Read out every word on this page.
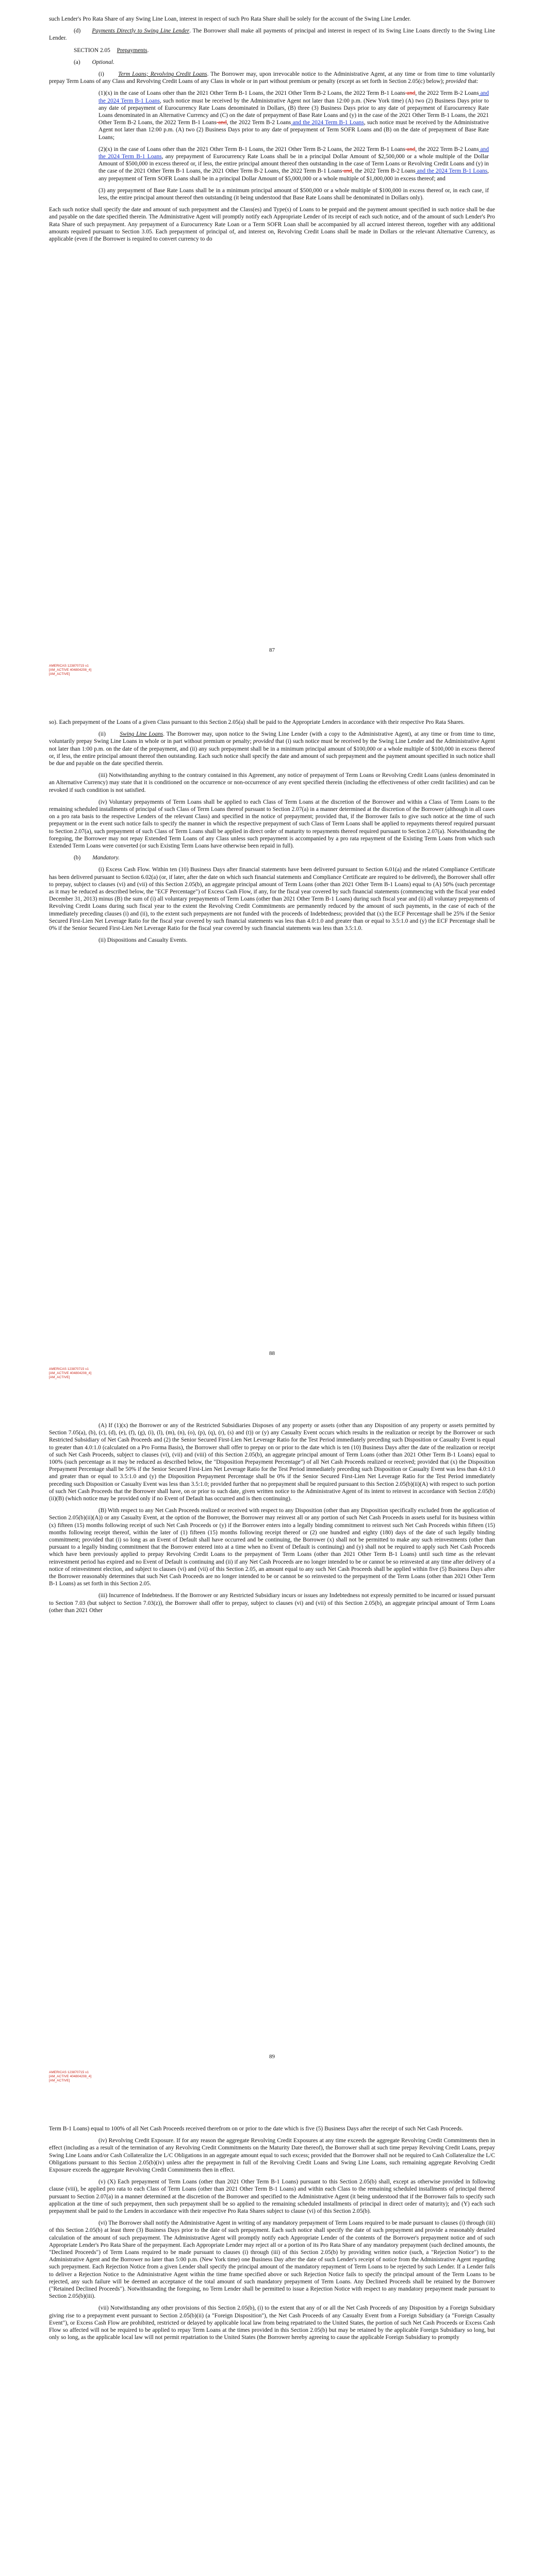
such Lender's Pro Rata Share of any Swing Line Loan, interest in respect of such Pro Rata Share shall be solely for the account of the Swing Line Lender.

(d) Payments Directly to Swing Line Lender. The Borrower shall make all payments of principal and interest in respect of its Swing Line Loans directly to the Swing Line Lender.

SECTION 2.05 Prepayments.

(a) Optional.

(i) Term Loans; Revolving Credit Loans. The Borrower may, upon irrevocable notice to the Administrative Agent, at any time or from time to time voluntarily prepay Term Loans of any Class and Revolving Credit Loans of any Class in whole or in part without premium or penalty (except as set forth in Section 2.05(c) below); provided that:

(1)(x) in the case of Loans other than the 2021 Other Term B-1 Loans, the 2021 Other Term B-2 Loans, the 2022 Term B-1 Loans and, the 2022 Term B-2 Loans and the 2024 Term B-1 Loans, such notice must be received by the Administrative Agent not later than 12:00 p.m. (New York time) (A) two (2) Business Days prior to any date of prepayment of Eurocurrency Rate Loans denominated in Dollars, (B) three (3) Business Days prior to any date of prepayment of Eurocurrency Rate Loans denominated in an Alternative Currency and (C) on the date of prepayment of Base Rate Loans and (y) in the case of the 2021 Other Term B-1 Loans, the 2021 Other Term B-2 Loans, the 2022 Term B-1 Loans and, the 2022 Term B-2 Loans and the 2024 Term B-1 Loans, such notice must be received by the Administrative Agent not later than 12:00 p.m. (A) two (2) Business Days prior to any date of prepayment of Term SOFR Loans and (B) on the date of prepayment of Base Rate Loans;

(2)(x) in the case of Loans other than the 2021 Other Term B-1 Loans, the 2021 Other Term B-2 Loans, the 2022 Term B-1 Loans and, the 2022 Term B-2 Loans and the 2024 Term B-1 Loans, any prepayment of Eurocurrency Rate Loans shall be in a principal Dollar Amount of $2,500,000 or a whole multiple of the Dollar Amount of $500,000 in excess thereof or, if less, the entire principal amount thereof then outstanding in the case of Term Loans or Revolving Credit Loans and (y) in the case of the 2021 Other Term B-1 Loans, the 2021 Other Term B-2 Loans, the 2022 Term B-1 Loans and, the 2022 Term B-2 Loans and the 2024 Term B-1 Loans, any prepayment of Term SOFR Loans shall be in a principal Dollar Amount of $5,000,000 or a whole multiple of $1,000,000 in excess thereof; and

(3) any prepayment of Base Rate Loans shall be in a minimum principal amount of $500,000 or a whole multiple of $100,000 in excess thereof or, in each case, if less, the entire principal amount thereof then outstanding (it being understood that Base Rate Loans shall be denominated in Dollars only).

Each such notice shall specify the date and amount of such prepayment and the Class(es) and Type(s) of Loans to be prepaid and the payment amount specified in such notice shall be due and payable on the date specified therein. The Administrative Agent will promptly notify each Appropriate Lender of its receipt of each such notice, and of the amount of such Lender's Pro Rata Share of such prepayment. Any prepayment of a Eurocurrency Rate Loan or a Term SOFR Loan shall be accompanied by all accrued interest thereon, together with any additional amounts required pursuant to Section 3.05. Each prepayment of principal of, and interest on, Revolving Credit Loans shall be made in Dollars or the relevant Alternative Currency, as applicable (even if the Borrower is required to convert currency to do

87
AMERICAS 123870715 v1
[AM_ACTIVE 404804208_4]
[AM_ACTIVE]

so). Each prepayment of the Loans of a given Class pursuant to this Section 2.05(a) shall be paid to the Appropriate Lenders in accordance with their respective Pro Rata Shares.

(ii) Swing Line Loans. The Borrower may, upon notice to the Swing Line Lender (with a copy to the Administrative Agent), at any time or from time to time, voluntarily prepay Swing Line Loans in whole or in part without premium or penalty; provided that (i) such notice must be received by the Swing Line Lender and the Administrative Agent not later than 1:00 p.m. on the date of the prepayment, and (ii) any such prepayment shall be in a minimum principal amount of $100,000 or a whole multiple of $100,000 in excess thereof or, if less, the entire principal amount thereof then outstanding. Each such notice shall specify the date and amount of such prepayment and the payment amount specified in such notice shall be due and payable on the date specified therein.

(iii) Notwithstanding anything to the contrary contained in this Agreement, any notice of prepayment of Term Loans or Revolving Credit Loans (unless denominated in an Alternative Currency) may state that it is conditioned on the occurrence or non-occurrence of any event specified therein (including the effectiveness of other credit facilities) and can be revoked if such condition is not satisfied.

(iv) Voluntary prepayments of Term Loans shall be applied to each Class of Term Loans at the discretion of the Borrower and within a Class of Term Loans to the remaining scheduled installments of principal of such Class of Term Loans thereof pursuant to Section 2.07(a) in a manner determined at the discretion of the Borrower (although in all cases on a pro rata basis to the respective Lenders of the relevant Class) and specified in the notice of prepayment; provided that, if the Borrower fails to give such notice at the time of such prepayment or in the event such notice fails to specify the manner in which the respective prepayment of such Class of Term Loans shall be applied to repayments thereof required pursuant to Section 2.07(a), such prepayment of such Class of Term Loans shall be applied in direct order of maturity to repayments thereof required pursuant to Section 2.07(a). Notwithstanding the foregoing, the Borrower may not repay Extended Term Loans of any Class unless such prepayment is accompanied by a pro rata repayment of the Existing Term Loans from which such Extended Term Loans were converted (or such Existing Term Loans have otherwise been repaid in full).

(b) Mandatory.

(i) Excess Cash Flow. Within ten (10) Business Days after financial statements have been delivered pursuant to Section 6.01(a) and the related Compliance Certificate has been delivered pursuant to Section 6.02(a) (or, if later, after the date on which such financial statements and Compliance Certificate are required to be delivered), the Borrower shall offer to prepay, subject to clauses (vi) and (vii) of this Section 2.05(b), an aggregate principal amount of Term Loans (other than 2021 Other Term B-1 Loans) equal to (A) 50% (such percentage as it may be reduced as described below, the "ECF Percentage") of Excess Cash Flow, if any, for the fiscal year covered by such financial statements (commencing with the fiscal year ended December 31, 2013) minus (B) the sum of (i) all voluntary prepayments of Term Loans (other than 2021 Other Term B-1 Loans) during such fiscal year and (ii) all voluntary prepayments of Revolving Credit Loans during such fiscal year to the extent the Revolving Credit Commitments are permanently reduced by the amount of such payments, in the case of each of the immediately preceding clauses (i) and (ii), to the extent such prepayments are not funded with the proceeds of Indebtedness; provided that (x) the ECF Percentage shall be 25% if the Senior Secured First-Lien Net Leverage Ratio for the fiscal year covered by such financial statements was less than 4.0:1.0 and greater than or equal to 3.5:1.0 and (y) the ECF Percentage shall be 0% if the Senior Secured First-Lien Net Leverage Ratio for the fiscal year covered by such financial statements was less than 3.5:1.0.

(ii) Dispositions and Casualty Events.

88
AMERICAS 123870715 v1
[AM_ACTIVE 404804208_4]
[AM_ACTIVE]

(A) If (1)(x) the Borrower or any of the Restricted Subsidiaries Disposes of any property or assets (other than any Disposition of any property or assets permitted by Section 7.05(a), (b), (c), (d), (e), (f), (g), (i), (l), (m), (n), (o), (p), (q), (r), (s) and (t)) or (y) any Casualty Event occurs which results in the realization or receipt by the Borrower or such Restricted Subsidiary of Net Cash Proceeds and (2) the Senior Secured First-Lien Net Leverage Ratio for the Test Period immediately preceding such Disposition or Casualty Event is equal to greater than 4.0:1.0 (calculated on a Pro Forma Basis), the Borrower shall offer to prepay on or prior to the date which is ten (10) Business Days after the date of the realization or receipt of such Net Cash Proceeds, subject to clauses (vi), (vii) and (viii) of this Section 2.05(b), an aggregate principal amount of Term Loans (other than 2021 Other Term B-1 Loans) equal to 100% (such percentage as it may be reduced as described below, the "Disposition Prepayment Percentage") of all Net Cash Proceeds realized or received; provided that (x) the Disposition Prepayment Percentage shall be 50% if the Senior Secured First-Lien Net Leverage Ratio for the Test Period immediately preceding such Disposition or Casualty Event was less than 4.0:1.0 and greater than or equal to 3.5:1.0 and (y) the Disposition Prepayment Percentage shall be 0% if the Senior Secured First-Lien Net Leverage Ratio for the Test Period immediately preceding such Disposition or Casualty Event was less than 3.5:1.0; provided further that no prepayment shall be required pursuant to this Section 2.05(b)(ii)(A) with respect to such portion of such Net Cash Proceeds that the Borrower shall have, on or prior to such date, given written notice to the Administrative Agent of its intent to reinvest in accordance with Section 2.05(b)(ii)(B) (which notice may be provided only if no Event of Default has occurred and is then continuing).

(B) With respect to any Net Cash Proceeds realized or received with respect to any Disposition (other than any Disposition specifically excluded from the application of Section 2.05(b)(ii)(A)) or any Casualty Event, at the option of the Borrower, the Borrower may reinvest all or any portion of such Net Cash Proceeds in assets useful for its business within (x) fifteen (15) months following receipt of such Net Cash Proceeds or (y) if the Borrower enters into a legally binding commitment to reinvest such Net Cash Proceeds within fifteen (15) months following receipt thereof, within the later of (1) fifteen (15) months following receipt thereof or (2) one hundred and eighty (180) days of the date of such legally binding commitment; provided that (i) so long as an Event of Default shall have occurred and be continuing, the Borrower (x) shall not be permitted to make any such reinvestments (other than pursuant to a legally binding commitment that the Borrower entered into at a time when no Event of Default is continuing) and (y) shall not be required to apply such Net Cash Proceeds which have been previously applied to prepay Revolving Credit Loans to the prepayment of Term Loans (other than 2021 Other Term B-1 Loans) until such time as the relevant reinvestment period has expired and no Event of Default is continuing and (ii) if any Net Cash Proceeds are no longer intended to be or cannot be so reinvested at any time after delivery of a notice of reinvestment election, and subject to clauses (vi) and (vii) of this Section 2.05, an amount equal to any such Net Cash Proceeds shall be applied within five (5) Business Days after the Borrower reasonably determines that such Net Cash Proceeds are no longer intended to be or cannot be so reinvested to the prepayment of the Term Loans (other than 2021 Other Term B-1 Loans) as set forth in this Section 2.05.

(iii) Incurrence of Indebtedness. If the Borrower or any Restricted Subsidiary incurs or issues any Indebtedness not expressly permitted to be incurred or issued pursuant to Section 7.03 (but subject to Section 7.03(z)), the Borrower shall offer to prepay, subject to clauses (vi) and (vii) of this Section 2.05(b), an aggregate principal amount of Term Loans (other than 2021 Other

89
AMERICAS 123870715 v1
[AM_ACTIVE 404804208_4]
[AM_ACTIVE]

Term B-1 Loans) equal to 100% of all Net Cash Proceeds received therefrom on or prior to the date which is five (5) Business Days after the receipt of such Net Cash Proceeds.

(iv) Revolving Credit Exposure. If for any reason the aggregate Revolving Credit Exposures at any time exceeds the aggregate Revolving Credit Commitments then in effect (including as a result of the termination of any Revolving Credit Commitments on the Maturity Date thereof), the Borrower shall at such time prepay Revolving Credit Loans, prepay Swing Line Loans and/or Cash Collateralize the L/C Obligations in an aggregate amount equal to such excess; provided that the Borrower shall not be required to Cash Collateralize the L/C Obligations pursuant to this Section 2.05(b)(iv) unless after the prepayment in full of the Revolving Credit Loans and Swing Line Loans, such remaining aggregate Revolving Credit Exposure exceeds the aggregate Revolving Credit Commitments then in effect.

(v) (X) Each prepayment of Term Loans (other than 2021 Other Term B-1 Loans) pursuant to this Section 2.05(b) shall, except as otherwise provided in following clause (viii), be applied pro rata to each Class of Term Loans (other than 2021 Other Term B-1 Loans) and within each Class to the remaining scheduled installments of principal thereof pursuant to Section 2.07(a) in a manner determined at the discretion of the Borrower and specified to the Administrative Agent (it being understood that if the Borrower fails to specify such application at the time of such prepayment, then such prepayment shall be so applied to the remaining scheduled installments of principal in direct order of maturity); and (Y) each such prepayment shall be paid to the Lenders in accordance with their respective Pro Rata Shares subject to clause (vi) of this Section 2.05(b).

(vi) The Borrower shall notify the Administrative Agent in writing of any mandatory prepayment of Term Loans required to be made pursuant to clauses (i) through (iii) of this Section 2.05(b) at least three (3) Business Days prior to the date of such prepayment. Each such notice shall specify the date of such prepayment and provide a reasonably detailed calculation of the amount of such prepayment. The Administrative Agent will promptly notify each Appropriate Lender of the contents of the Borrower's prepayment notice and of such Appropriate Lender's Pro Rata Share of the prepayment. Each Appropriate Lender may reject all or a portion of its Pro Rata Share of any mandatory prepayment (such declined amounts, the "Declined Proceeds") of Term Loans required to be made pursuant to clauses (i) through (iii) of this Section 2.05(b) by providing written notice (such, a "Rejection Notice") to the Administrative Agent and the Borrower no later than 5:00 p.m. (New York time) one Business Day after the date of such Lender's receipt of notice from the Administrative Agent regarding such prepayment. Each Rejection Notice from a given Lender shall specify the principal amount of the mandatory repayment of Term Loans to be rejected by such Lender. If a Lender fails to deliver a Rejection Notice to the Administrative Agent within the time frame specified above or such Rejection Notice fails to specify the principal amount of the Term Loans to be rejected, any such failure will be deemed an acceptance of the total amount of such mandatory prepayment of Term Loans. Any Declined Proceeds shall be retained by the Borrower ("Retained Declined Proceeds"). Notwithstanding the foregoing, no Term Lender shall be permitted to issue a Rejection Notice with respect to any mandatory prepayment made pursuant to Section 2.05(b)(iii).

(vii) Notwithstanding any other provisions of this Section 2.05(b), (i) to the extent that any of or all the Net Cash Proceeds of any Disposition by a Foreign Subsidiary giving rise to a prepayment event pursuant to Section 2.05(b)(ii) (a "Foreign Disposition"), the Net Cash Proceeds of any Casualty Event from a Foreign Subsidiary (a "Foreign Casualty Event"), or Excess Cash Flow are prohibited, restricted or delayed by applicable local law from being repatriated to the United States, the portion of such Net Cash Proceeds or Excess Cash Flow so affected will not be required to be applied to repay Term Loans at the times provided in this Section 2.05(b) but may be retained by the applicable Foreign Subsidiary so long, but only so long, as the applicable local law will not permit repatriation to the United States (the Borrower hereby agreeing to cause the applicable Foreign Subsidiary to promptly
